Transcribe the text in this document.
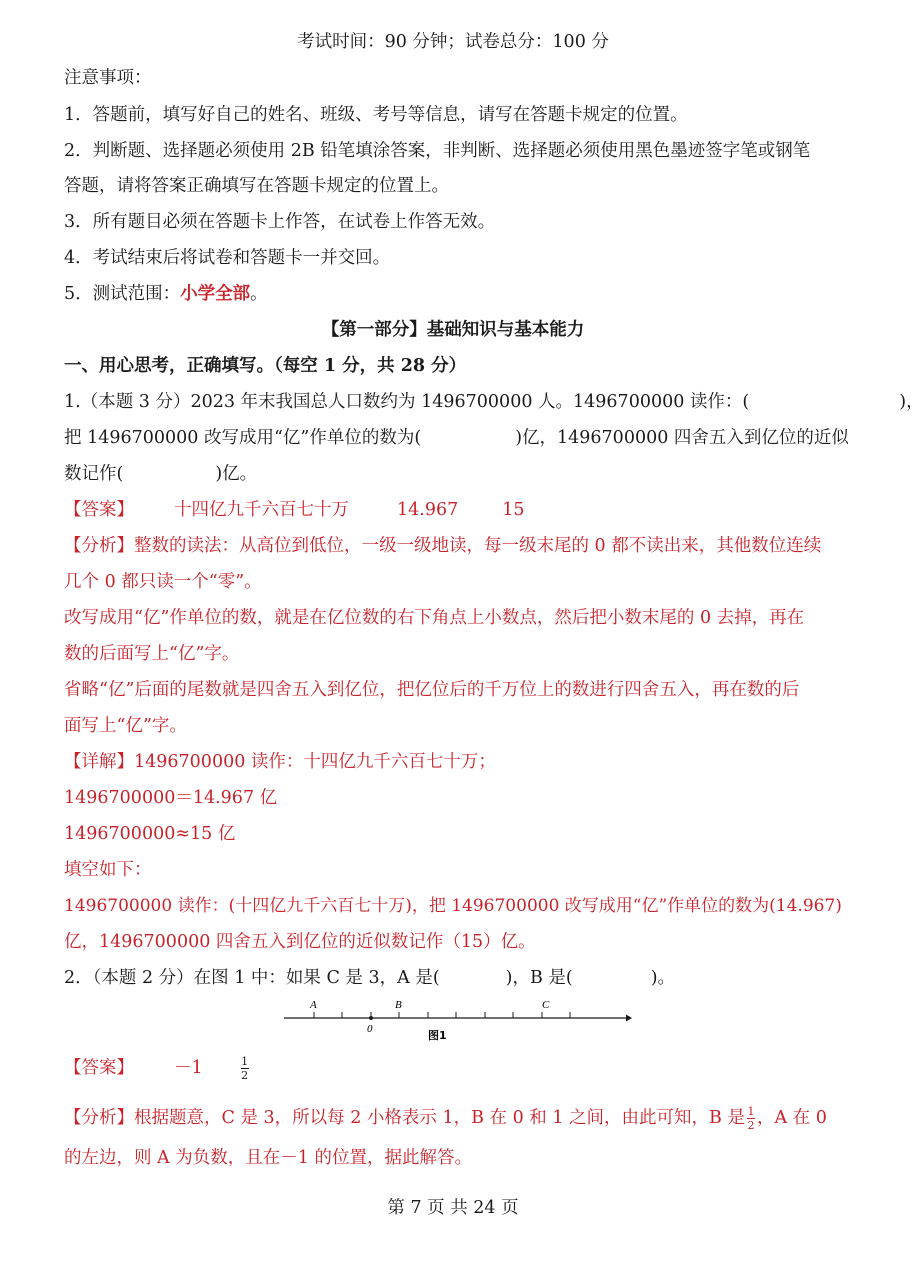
考试时间：90 分钟；试卷总分：100 分
注意事项：
1．答题前，填写好自己的姓名、班级、考号等信息，请写在答题卡规定的位置。
2．判断题、选择题必须使用 2B 铅笔填涂答案，非判断、选择题必须使用黑色墨迹签字笔或钢笔
答题，请将答案正确填写在答题卡规定的位置上。
3．所有题目必须在答题卡上作答，在试卷上作答无效。
4．考试结束后将试卷和答题卡一并交回。
5．测试范围：小学全部。
【第一部分】基础知识与基本能力
一、用心思考，正确填写。（每空 1 分，共 28 分）
1.（本题 3 分）2023 年末我国总人口数约为 1496700000 人。1496700000 读作：(	)，
把 1496700000 改写成用“亿”作单位的数为(	)亿，1496700000 四舍五入到亿位的近似
数记作(	)亿。
【答案】 十四亿九千六百七十万	14.967	15
【分析】整数的读法：从高位到低位，一级一级地读，每一级末尾的 0 都不读出来，其他数位连续
几个 0 都只读一个“零”。
改写成用“亿”作单位的数，就是在亿位数的右下角点上小数点，然后把小数末尾的 0 去掉，再在
数的后面写上“亿”字。
省略“亿”后面的尾数就是四舍五入到亿位，把亿位后的千万位上的数进行四舍五入，再在数的后
面写上“亿”字。
【详解】1496700000 读作：十四亿九千六百七十万；
1496700000＝14.967 亿
1496700000≈15 亿
填空如下：
1496700000 读作：(十四亿九千六百七十万)，把 1496700000 改写成用“亿”作单位的数为(14.967)
亿，1496700000 四舍五入到亿位的近似数记作（15）亿。
2．（本题 2 分）在图 1 中：如果 C 是 3，A 是(	)，B 是(	)。
A	B	C
0	图1
【答案】 －1	$\frac{1}{2}$
【分析】根据题意，C 是 3，所以每 2 小格表示 1，B 在 0 和 1 之间，由此可知，B 是 $\frac{1}{2}$ ，A 在 0
的左边，则 A 为负数，且在－1 的位置，据此解答。
第 7 页 共 24 页
